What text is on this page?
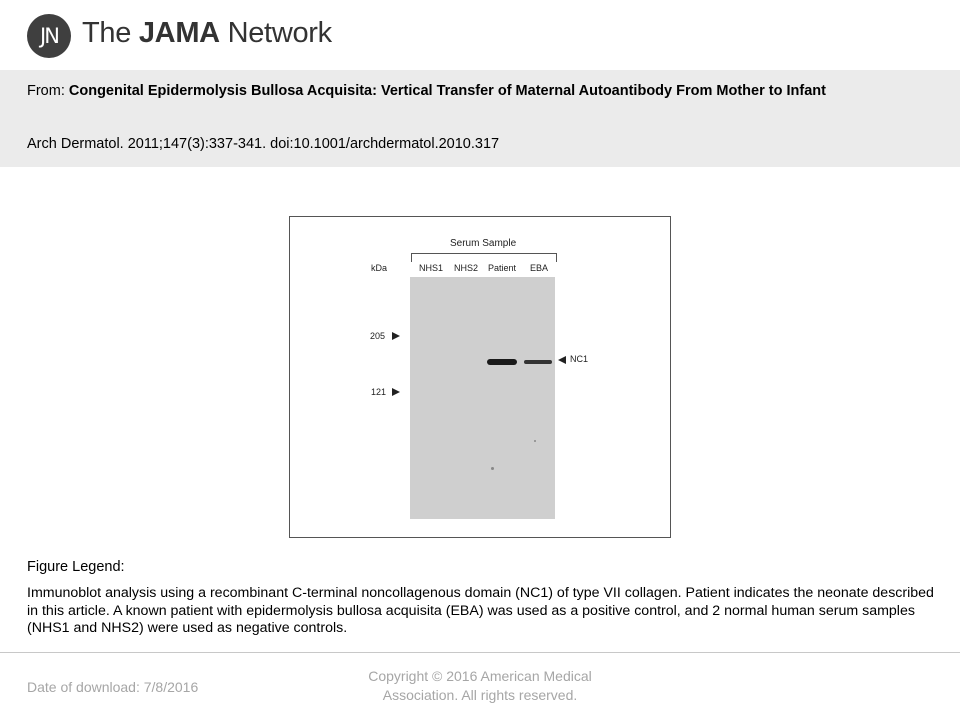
JN The JAMA Network
From: Congenital Epidermolysis Bullosa Acquisita: Vertical Transfer of Maternal Autoantibody From Mother to Infant
Arch Dermatol. 2011;147(3):337-341. doi:10.1001/archdermatol.2010.317
Serum Sample
kDa	NHS1 NHS2 Patient EBA
205
121
NC1
Figure Legend:
Immunoblot analysis using a recombinant C-terminal noncollagenous domain (NC1) of type VII collagen. Patient indicates the neonate described in this article. A known patient with epidermolysis bullosa acquisita (EBA) was used as a positive control, and 2 normal human serum samples (NHS1 and NHS2) were used as negative controls.
Date of download: 7/8/2016
Copyright © 2016 American Medical Association. All rights reserved.
